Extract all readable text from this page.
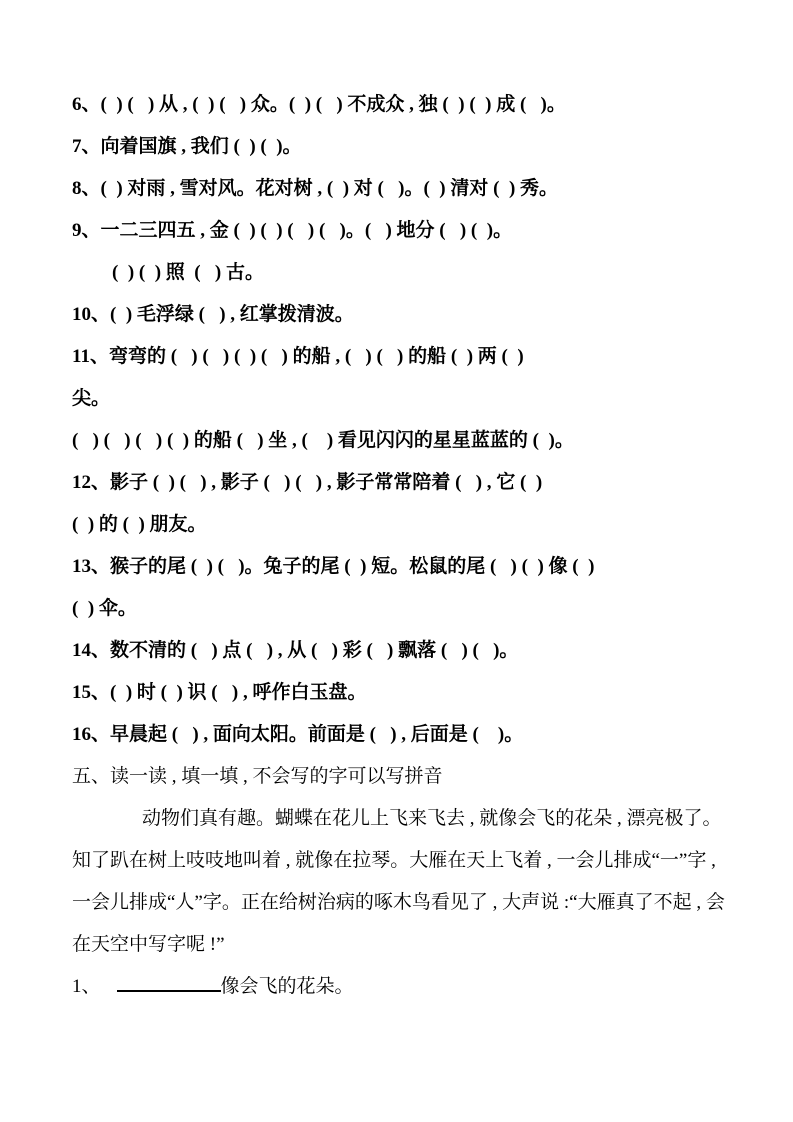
6、(  ) (   ) 从 , (  ) (   ) 众。(  ) (   ) 不成众 , 独 (  ) (  ) 成 (   )。
7、向着国旗 , 我们 (  ) (  )。
8、(  ) 对雨 , 雪对风。花对树 , (  ) 对 (   )。(  ) 清对 (  ) 秀。
9、一二三四五 , 金 (  ) (  ) (   ) (   )。(   ) 地分 (   ) (  )。
(  ) (  ) 照  (   ) 古。
10、(  ) 毛浮绿 (   ) , 红掌拨清波。
11、弯弯的 (   ) (   ) (  ) (   ) 的船 , (   ) (   ) 的船 (  ) 两 (  )
尖。
(   ) (   ) (   ) (  ) 的船 (   ) 坐 , (    ) 看见闪闪的星星蓝蓝的 (  )。
12、影子 (  ) (   ) , 影子 (   ) (   ) , 影子常常陪着 (   ) , 它 (  )
(  ) 的 (  ) 朋友。
13、猴子的尾 (  ) (   )。兔子的尾 (  ) 短。松鼠的尾 (   ) (  ) 像 (  )
(  ) 伞。
14、数不清的 (   ) 点 (   ) , 从 (   ) 彩 (   ) 飘落 (   ) (   )。
15、(  ) 时 (  ) 识 (   ) , 呼作白玉盘。
16、早晨起 (   ) , 面向太阳。前面是 (   ) , 后面是 (    )。
五、读一读 , 填一填 , 不会写的字可以写拼音
动物们真有趣。蝴蝶在花儿上飞来飞去 , 就像会飞的花朵 , 漂亮极了。
知了趴在树上吱吱地叫着 , 就像在拉琴。大雁在天上飞着 , 一会儿排成“一”字 ,
一会儿排成“人”字。正在给树治病的啄木鸟看见了 , 大声说 :“大雁真了不起 , 会
在天空中写字呢 !”
1、	像会飞的花朵。
